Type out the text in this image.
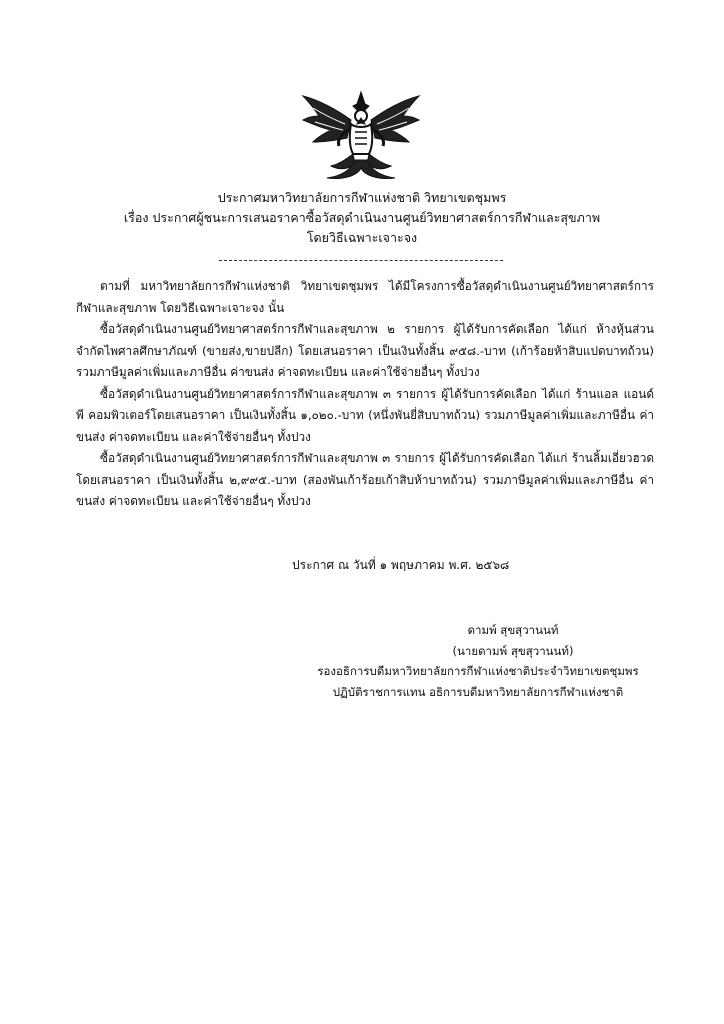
ประกาศมหาวิทยาลัยการกีฬาแห่งชาติ วิทยาเขตชุมพร
เรื่อง ประกาศผู้ชนะการเสนอราคาซื้อวัสดุดำเนินงานศูนย์วิทยาศาสตร์การกีฬาและสุขภาพ
โดยวิธีเฉพาะเจาะจง

ตามที่ มหาวิทยาลัยการกีฬาแห่งชาติ วิทยาเขตชุมพร ได้มีโครงการซื้อวัสดุดำเนินงานศูนย์วิทยาศาสตร์การกีฬาและสุขภาพ โดยวิธีเฉพาะเจาะจง นั้น

ซื้อวัสดุดำเนินงานศูนย์วิทยาศาสตร์การกีฬาและสุขภาพ ๒ รายการ ผู้ได้รับการคัดเลือก ได้แก่ ห้างหุ้นส่วนจำกัดไพศาลศึกษาภัณฑ์ (ขายส่ง,ขายปลีก) โดยเสนอราคา เป็นเงินทั้งสิ้น ๙๕๘.-บาท (เก้าร้อยห้าสิบแปดบาทถ้วน) รวมภาษีมูลค่าเพิ่มและภาษีอื่น ค่าขนส่ง ค่าจดทะเบียน และค่าใช้จ่ายอื่นๆ ทั้งปวง

ซื้อวัสดุดำเนินงานศูนย์วิทยาศาสตร์การกีฬาและสุขภาพ ๓ รายการ ผู้ได้รับการคัดเลือก ได้แก่ ร้านแอล แอนด์ พี คอมพิวเตอร์โดยเสนอราคา เป็นเงินทั้งสิ้น ๑,๐๒๐.-บาท (หนึ่งพันยี่สิบบาทถ้วน) รวมภาษีมูลค่าเพิ่มและภาษีอื่น ค่าขนส่ง ค่าจดทะเบียน และค่าใช้จ่ายอื่นๆ ทั้งปวง

ซื้อวัสดุดำเนินงานศูนย์วิทยาศาสตร์การกีฬาและสุขภาพ ๓ รายการ ผู้ได้รับการคัดเลือก ได้แก่ ร้านลิ้มเอี่ยวฮวด โดยเสนอราคา เป็นเงินทั้งสิ้น ๒,๙๙๕.-บาท (สองพันเก้าร้อยเก้าสิบห้าบาทถ้วน) รวมภาษีมูลค่าเพิ่มและภาษีอื่น ค่าขนส่ง ค่าจดทะเบียน และค่าใช้จ่ายอื่นๆ ทั้งปวง

ประกาศ ณ วันที่ ๑ พฤษภาคม พ.ศ. ๒๕๖๘
ดามพ์ สุขสุวานนท์
(นายดามพ์ สุขสุวานนท์)
รองอธิการบดีมหาวิทยาลัยการกีฬาแห่งชาติประจำวิทยาเขตชุมพร
ปฏิบัติราชการแทน อธิการบดีมหาวิทยาลัยการกีฬาแห่งชาติ
